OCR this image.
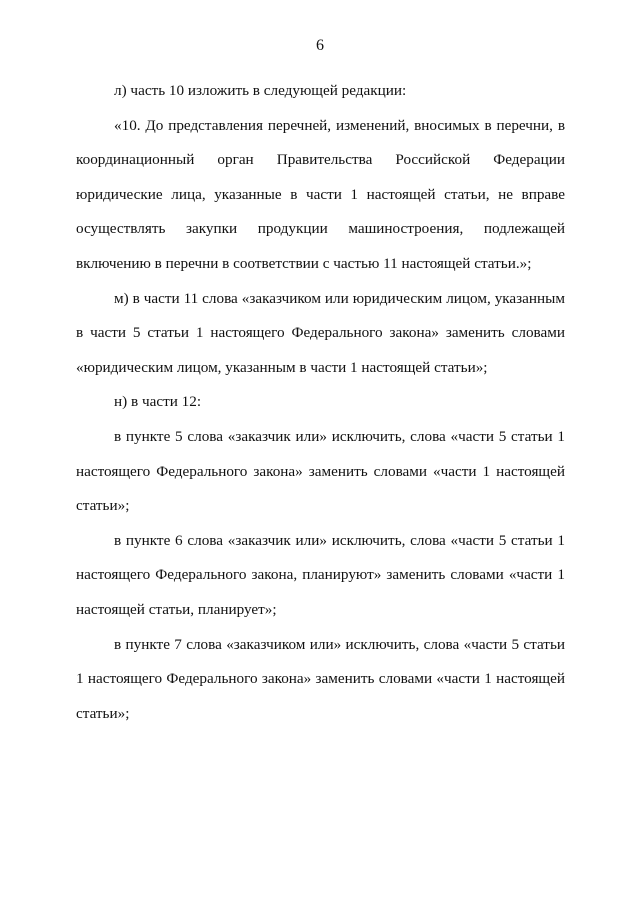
6

л) часть 10 изложить в следующей редакции:

«10. До представления перечней, изменений, вносимых в перечни, в координационный орган Правительства Российской Федерации юридические лица, указанные в части 1 настоящей статьи, не вправе осуществлять закупки продукции машиностроения, подлежащей включению в перечни в соответствии с частью 11 настоящей статьи.»;

м) в части 11 слова «заказчиком или юридическим лицом, указанным в части 5 статьи 1 настоящего Федерального закона» заменить словами «юридическим лицом, указанным в части 1 настоящей статьи»;

н) в части 12:

в пункте 5 слова «заказчик или» исключить, слова «части 5 статьи 1 настоящего Федерального закона» заменить словами «части 1 настоящей статьи»;

в пункте 6 слова «заказчик или» исключить, слова «части 5 статьи 1 настоящего Федерального закона, планируют» заменить словами «части 1 настоящей статьи, планирует»;

в пункте 7 слова «заказчиком или» исключить, слова «части 5 статьи 1 настоящего Федерального закона» заменить словами «части 1 настоящей статьи»;
